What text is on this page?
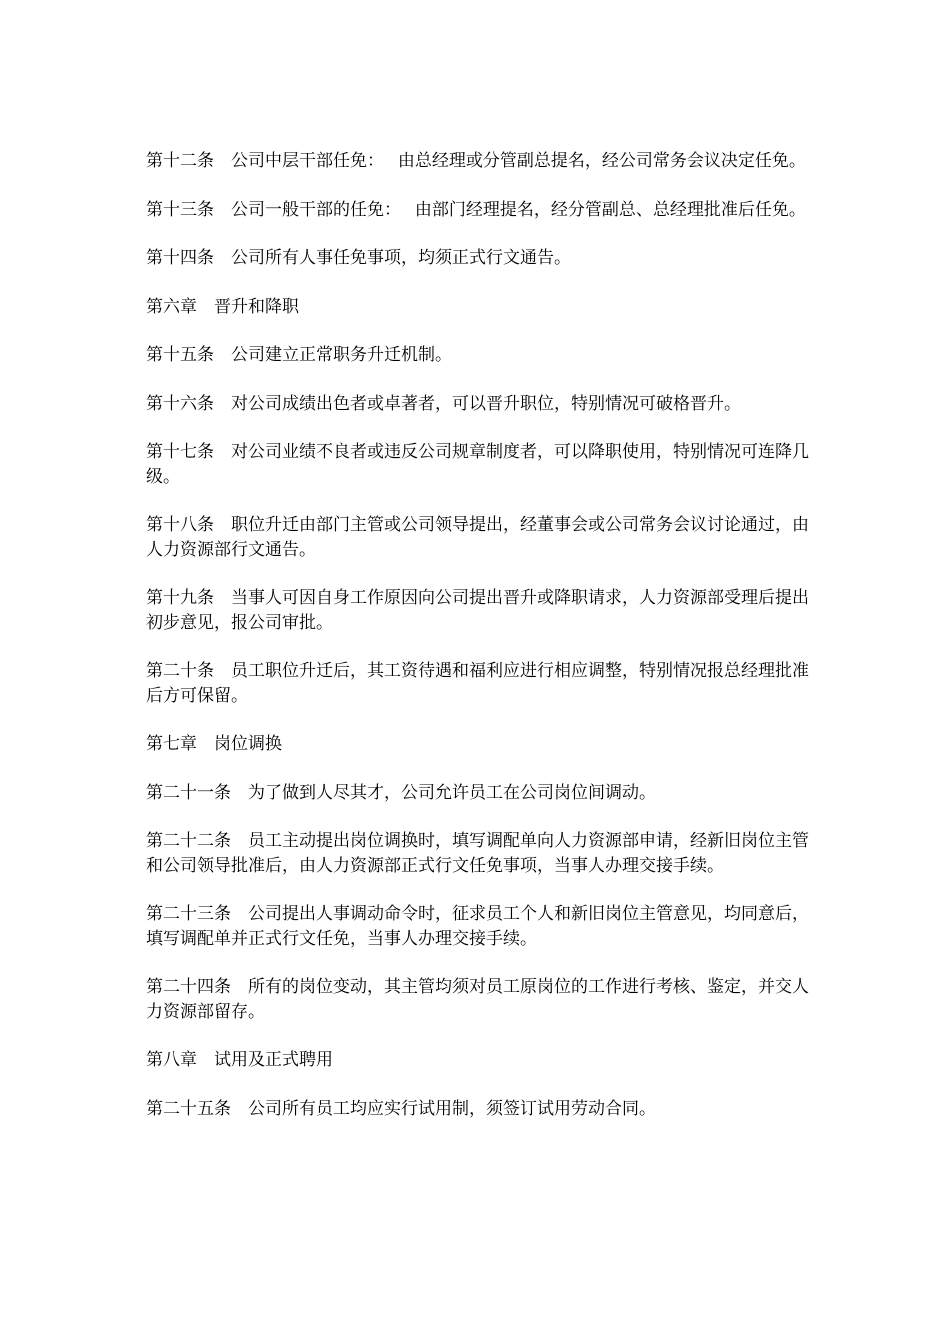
第十二条　公司中层干部任免：　 由总经理或分管副总提名，经公司常务会议决定任免。

第十三条　公司一般干部的任免：　 由部门经理提名，经分管副总、总经理批准后任免。

第十四条　公司所有人事任免事项，均须正式行文通告。

第六章　晋升和降职

第十五条　公司建立正常职务升迁机制。

第十六条　对公司成绩出色者或卓著者，可以晋升职位，特别情况可破格晋升。

第十七条　对公司业绩不良者或违反公司规章制度者，可以降职使用，特别情况可连降几级。

第十八条　职位升迁由部门主管或公司领导提出，经董事会或公司常务会议讨论通过，由人力资源部行文通告。

第十九条　当事人可因自身工作原因向公司提出晋升或降职请求，人力资源部受理后提出初步意见，报公司审批。

第二十条　员工职位升迁后，其工资待遇和福利应进行相应调整，特别情况报总经理批准后方可保留。

第七章　岗位调换

第二十一条　为了做到人尽其才，公司允许员工在公司岗位间调动。

第二十二条　员工主动提出岗位调换时，填写调配单向人力资源部申请，经新旧岗位主管和公司领导批准后，由人力资源部正式行文任免事项，当事人办理交接手续。

第二十三条　公司提出人事调动命令时，征求员工个人和新旧岗位主管意见，均同意后，填写调配单并正式行文任免，当事人办理交接手续。

第二十四条　所有的岗位变动，其主管均须对员工原岗位的工作进行考核、鉴定，并交人力资源部留存。

第八章　试用及正式聘用

第二十五条　公司所有员工均应实行试用制，须签订试用劳动合同。
